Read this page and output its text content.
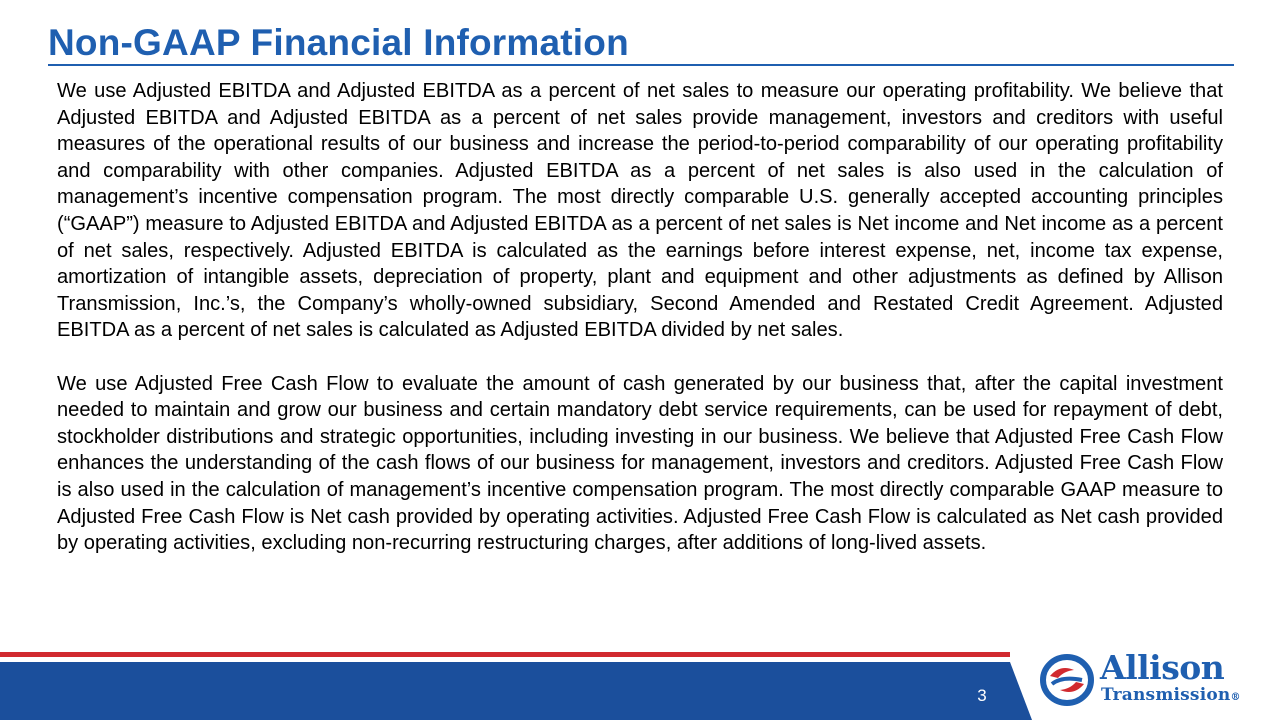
Non-GAAP Financial Information

We use Adjusted EBITDA and Adjusted EBITDA as a percent of net sales to measure our operating profitability. We believe that Adjusted EBITDA and Adjusted EBITDA as a percent of net sales provide management, investors and creditors with useful measures of the operational results of our business and increase the period-to-period comparability of our operating profitability and comparability with other companies. Adjusted EBITDA as a percent of net sales is also used in the calculation of management’s incentive compensation program. The most directly comparable U.S. generally accepted accounting principles (“GAAP”) measure to Adjusted EBITDA and Adjusted EBITDA as a percent of net sales is Net income and Net income as a percent of net sales, respectively. Adjusted EBITDA is calculated as the earnings before interest expense, net, income tax expense, amortization of intangible assets, depreciation of property, plant and equipment and other adjustments as defined by Allison Transmission, Inc.’s, the Company’s wholly-owned subsidiary, Second Amended and Restated Credit Agreement. Adjusted EBITDA as a percent of net sales is calculated as Adjusted EBITDA divided by net sales.

We use Adjusted Free Cash Flow to evaluate the amount of cash generated by our business that, after the capital investment needed to maintain and grow our business and certain mandatory debt service requirements, can be used for repayment of debt, stockholder distributions and strategic opportunities, including investing in our business. We believe that Adjusted Free Cash Flow enhances the understanding of the cash flows of our business for management, investors and creditors. Adjusted Free Cash Flow is also used in the calculation of management’s incentive compensation program. The most directly comparable GAAP measure to Adjusted Free Cash Flow is Net cash provided by operating activities. Adjusted Free Cash Flow is calculated as Net cash provided by operating activities, excluding non-recurring restructuring charges, after additions of long-lived assets.

3
Allison
Transmission®
